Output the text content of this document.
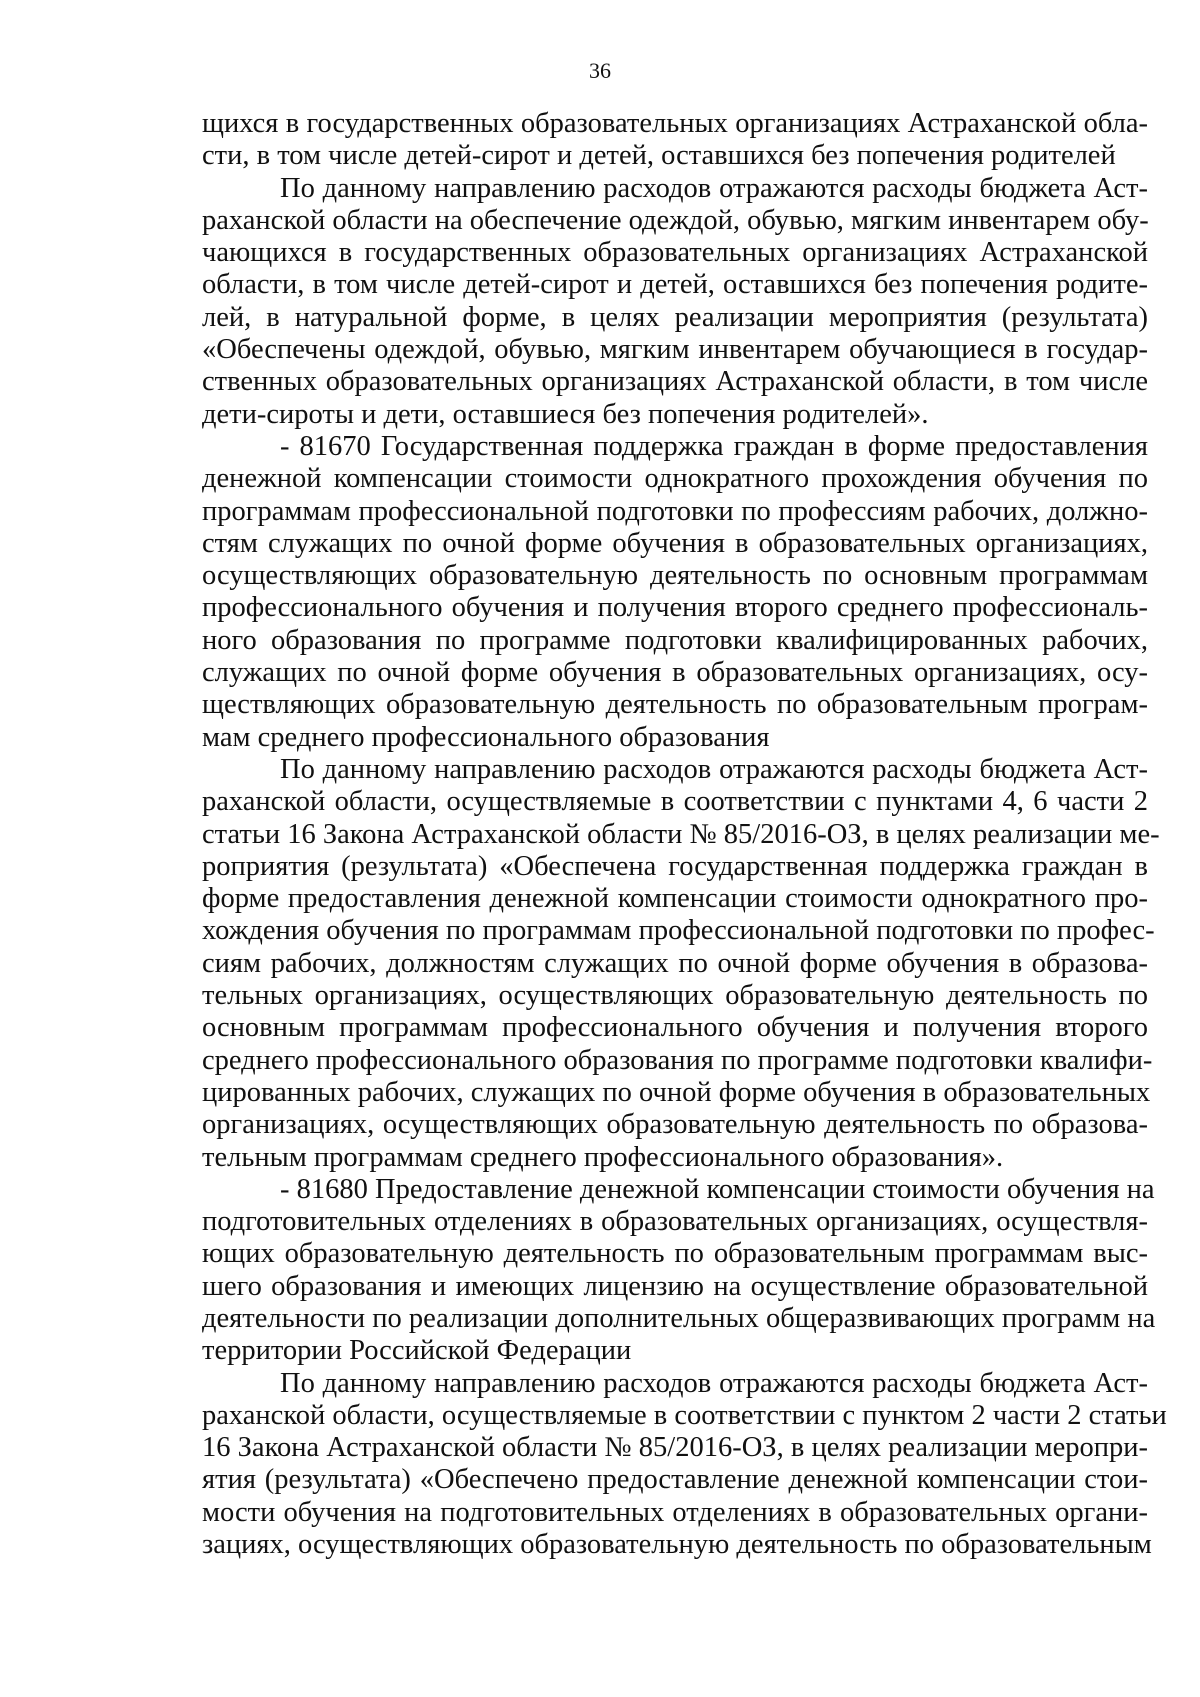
36

щихся в государственных образовательных организациях Астраханской обла-
сти, в том числе детей-сирот и детей, оставшихся без попечения родителей

По данному направлению расходов отражаются расходы бюджета Аст-
раханской области на обеспечение одеждой, обувью, мягким инвентарем обу-
чающихся в государственных образовательных организациях Астраханской
области, в том числе детей-сирот и детей, оставшихся без попечения родите-
лей, в натуральной форме, в целях реализации мероприятия (результата)
«Обеспечены одеждой, обувью, мягким инвентарем обучающиеся в государ-
ственных образовательных организациях Астраханской области, в том числе
дети-сироты и дети, оставшиеся без попечения родителей».

- 81670 Государственная поддержка граждан в форме предоставления
денежной компенсации стоимости однократного прохождения обучения по
программам профессиональной подготовки по профессиям рабочих, должно-
стям служащих по очной форме обучения в образовательных организациях,
осуществляющих образовательную деятельность по основным программам
профессионального обучения и получения второго среднего профессиональ-
ного образования по программе подготовки квалифицированных рабочих,
служащих по очной форме обучения в образовательных организациях, осу-
ществляющих образовательную деятельность по образовательным програм-
мам среднего профессионального образования

По данному направлению расходов отражаются расходы бюджета Аст-
раханской области, осуществляемые в соответствии с пунктами 4, 6 части 2
статьи 16 Закона Астраханской области № 85/2016-ОЗ, в целях реализации ме-
роприятия (результата) «Обеспечена государственная поддержка граждан в
форме предоставления денежной компенсации стоимости однократного про-
хождения обучения по программам профессиональной подготовки по профес-
сиям рабочих, должностям служащих по очной форме обучения в образова-
тельных организациях, осуществляющих образовательную деятельность по
основным программам профессионального обучения и получения второго
среднего профессионального образования по программе подготовки квалифи-
цированных рабочих, служащих по очной форме обучения в образовательных
организациях, осуществляющих образовательную деятельность по образова-
тельным программам среднего профессионального образования».

- 81680 Предоставление денежной компенсации стоимости обучения на
подготовительных отделениях в образовательных организациях, осуществля-
ющих образовательную деятельность по образовательным программам выс-
шего образования и имеющих лицензию на осуществление образовательной
деятельности по реализации дополнительных общеразвивающих программ на
территории Российской Федерации

По данному направлению расходов отражаются расходы бюджета Аст-
раханской области, осуществляемые в соответствии с пунктом 2 части 2 статьи
16 Закона Астраханской области № 85/2016-ОЗ, в целях реализации меропри-
ятия (результата) «Обеспечено предоставление денежной компенсации стои-
мости обучения на подготовительных отделениях в образовательных органи-
зациях, осуществляющих образовательную деятельность по образовательным
